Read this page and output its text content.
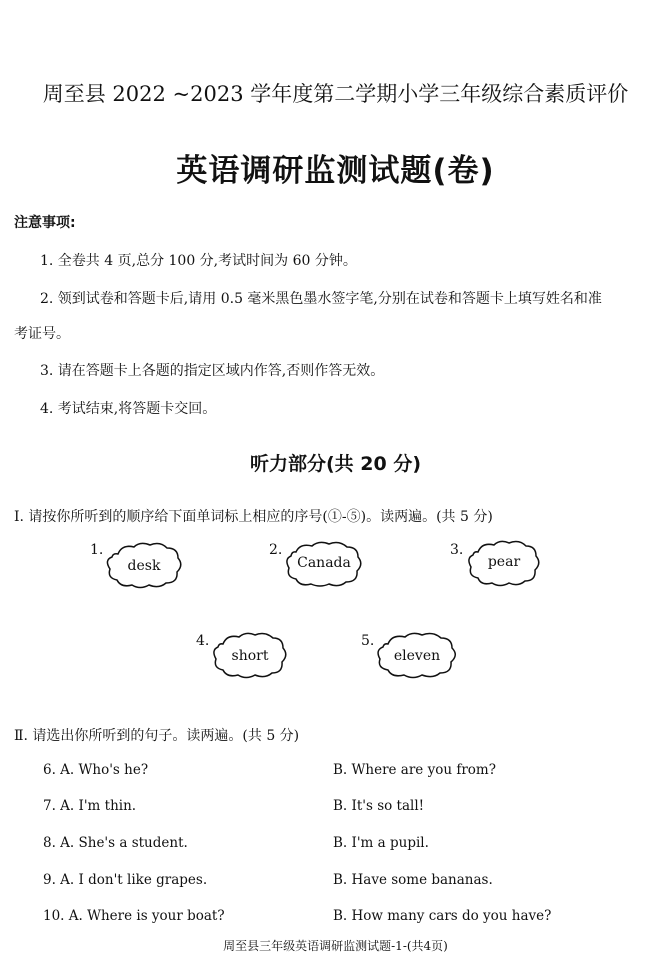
周至县 2022 ~2023 学年度第二学期小学三年级综合素质评价
英语调研监测试题(卷)
注意事项:
1. 全卷共 4 页,总分 100 分,考试时间为 60 分钟。
2. 领到试卷和答题卡后,请用 0.5 毫米黑色墨水签字笔,分别在试卷和答题卡上填写姓名和准
考证号。
3. 请在答题卡上各题的指定区域内作答,否则作答无效。
4. 考试结束,将答题卡交回。
听力部分(共 20 分)
I. 请按你所听到的顺序给下面单词标上相应的序号(①-⑤)。读两遍。(共 5 分)
1.
desk
2.
Canada
3.
pear
4.
short
5.
eleven
Ⅱ. 请选出你所听到的句子。读两遍。(共 5 分)
6. A. Who's he?	B. Where are you from?
7. A. I'm thin.	B. It's so tall!
8. A. She's a student.	B. I'm a pupil.
9. A. I don't like grapes.	B. Have some bananas.
10. A. Where is your boat?	B. How many cars do you have?
周至县三年级英语调研监测试题-1-(共4页)
